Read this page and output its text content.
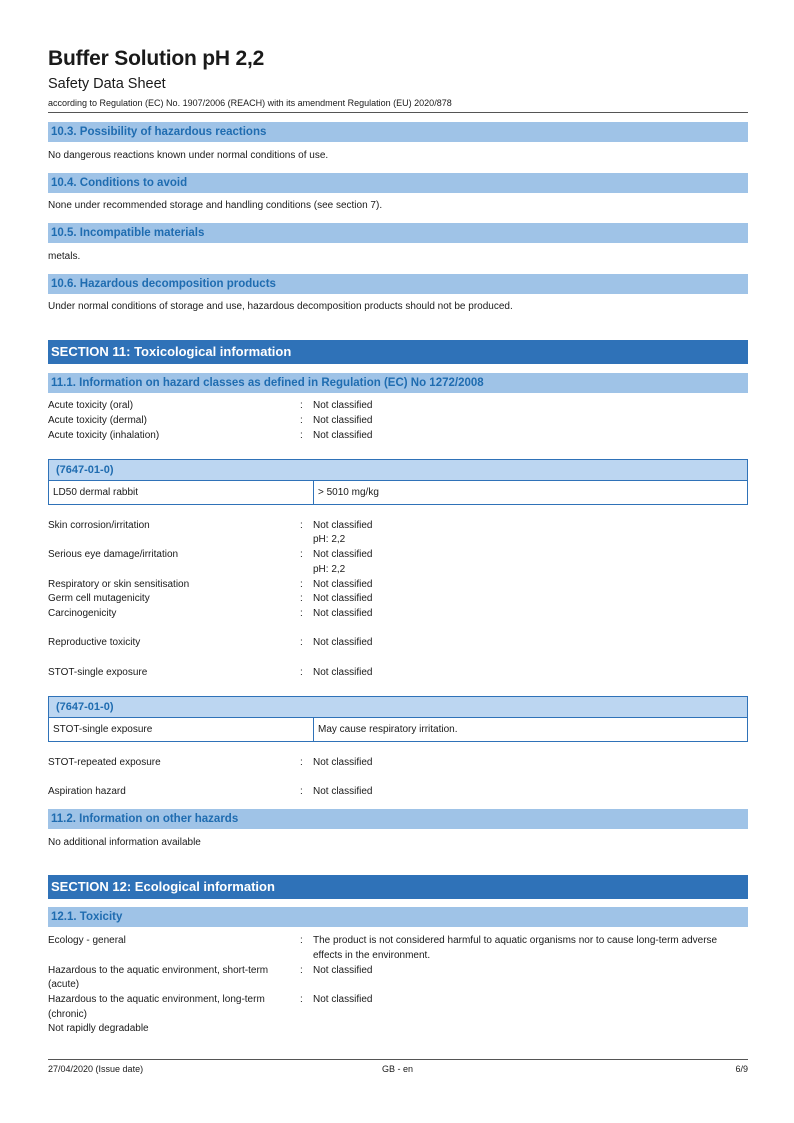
Buffer Solution pH 2,2
Safety Data Sheet
according to Regulation (EC) No. 1907/2006 (REACH) with its amendment Regulation (EU) 2020/878
10.3. Possibility of hazardous reactions
No dangerous reactions known under normal conditions of use.
10.4. Conditions to avoid
None under recommended storage and handling conditions (see section 7).
10.5. Incompatible materials
metals.
10.6. Hazardous decomposition products
Under normal conditions of storage and use, hazardous decomposition products should not be produced.
SECTION 11: Toxicological information
11.1. Information on hazard classes as defined in Regulation (EC) No 1272/2008
Acute toxicity (oral)	: Not classified
Acute toxicity (dermal)	: Not classified
Acute toxicity (inhalation)	: Not classified
(7647-01-0)
LD50 dermal rabbit	> 5010 mg/kg
Skin corrosion/irritation	: Not classified
pH: 2,2
Serious eye damage/irritation	: Not classified
pH: 2,2
Respiratory or skin sensitisation	: Not classified
Germ cell mutagenicity	: Not classified
Carcinogenicity	: Not classified
Reproductive toxicity	: Not classified
STOT-single exposure	: Not classified
(7647-01-0)
STOT-single exposure	May cause respiratory irritation.
STOT-repeated exposure	: Not classified
Aspiration hazard	: Not classified
11.2. Information on other hazards
No additional information available
SECTION 12: Ecological information
12.1. Toxicity
Ecology - general	: The product is not considered harmful to aquatic organisms nor to cause long-term adverse
effects in the environment.
Hazardous to the aquatic environment, short-term	: Not classified
(acute)
Hazardous to the aquatic environment, long-term	: Not classified
(chronic)
Not rapidly degradable
27/04/2020 (Issue date)	GB - en	6/9
